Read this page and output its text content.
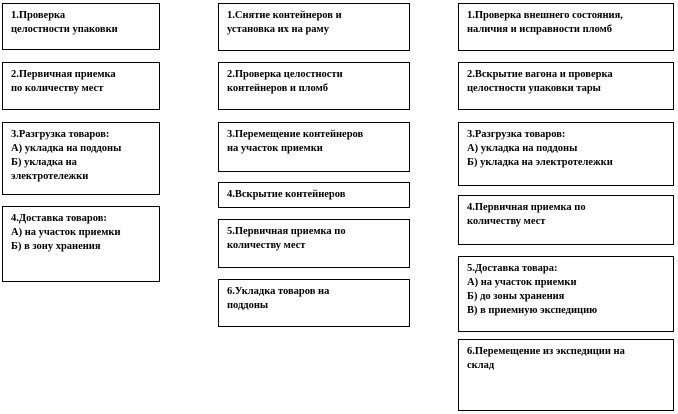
1.Проверка
целостности упаковки
2.Первичная приемка
по количеству мест
3.Разгрузка товаров:
А) укладка на поддоны
Б) укладка на
электротележки
4.Доставка товаров:
А) на участок приемки
Б) в зону хранения
1.Снятие контейнеров и
установка их на раму
2.Проверка целостности
контейнеров и пломб
3.Перемещение контейнеров
на участок приемки
4.Вскрытие контейнеров
5.Первичная приемка по
количеству мест
6.Укладка товаров на
поддоны
1.Проверка внешнего состояния,
наличия и исправности пломб
2.Вскрытие вагона и проверка
целостности упаковки тары
3.Разгрузка товаров:
А) укладка на поддоны
Б) укладка на электротележки
4.Первичная приемка по
количеству мест
5.Доставка товара:
А) на участок приемки
Б) до зоны хранения
В) в приемную экспедицию
6.Перемещение из экспедиции на
склад
